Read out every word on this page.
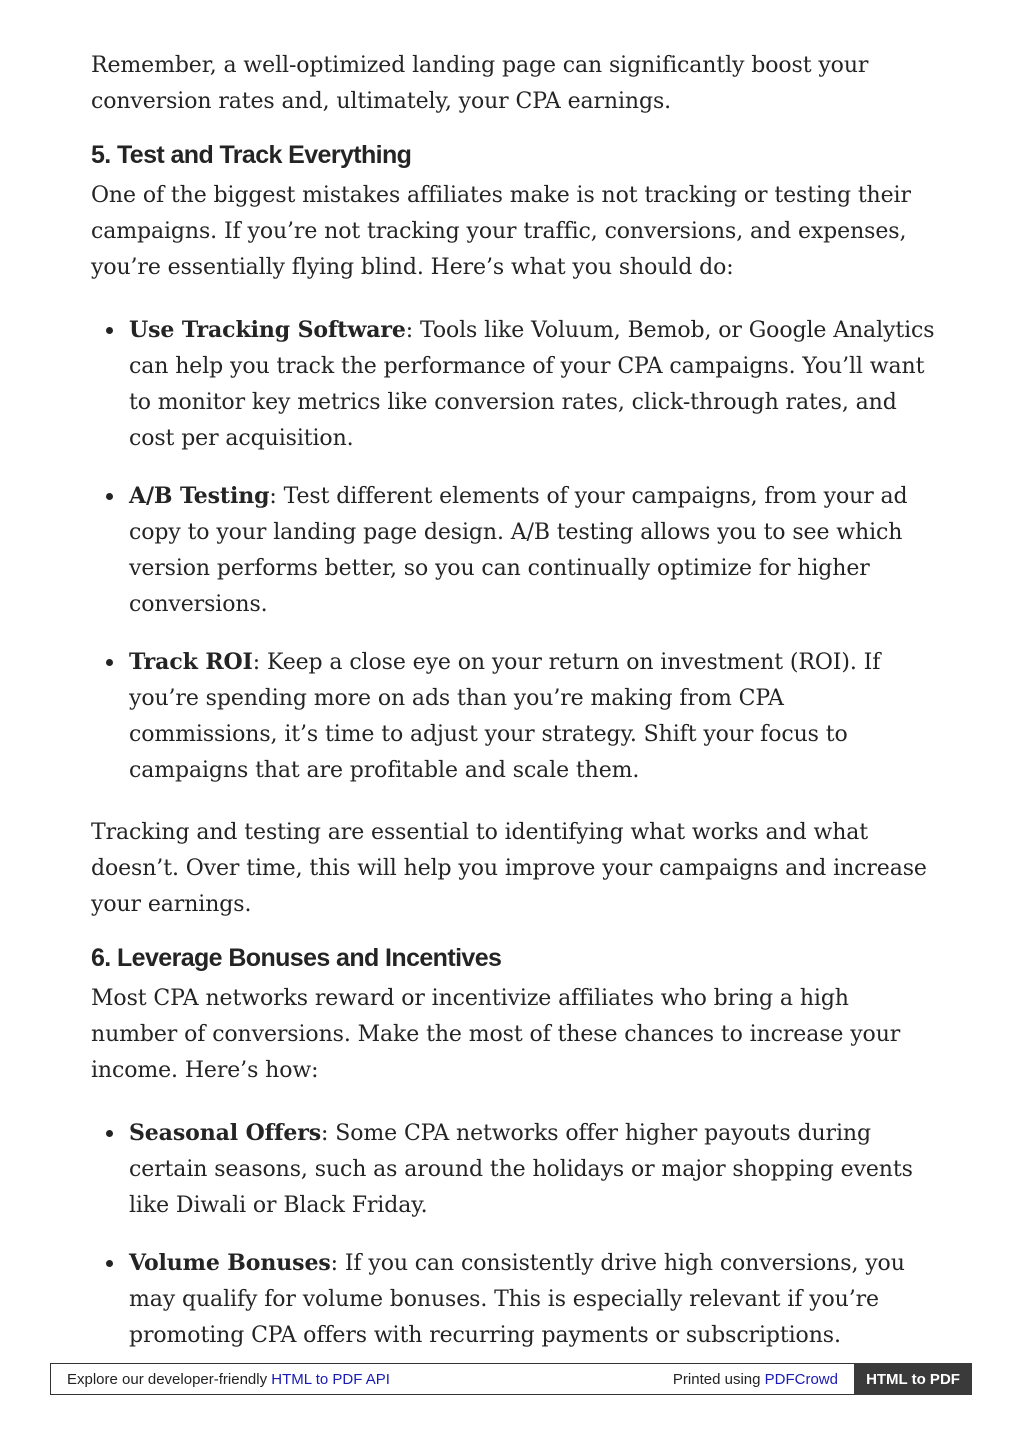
Remember, a well-optimized landing page can significantly boost your conversion rates and, ultimately, your CPA earnings.

5. Test and Track Everything

One of the biggest mistakes affiliates make is not tracking or testing their campaigns. If you’re not tracking your traffic, conversions, and expenses, you’re essentially flying blind. Here’s what you should do:

Use Tracking Software: Tools like Voluum, Bemob, or Google Analytics can help you track the performance of your CPA campaigns. You’ll want to monitor key metrics like conversion rates, click-through rates, and cost per acquisition.
A/B Testing: Test different elements of your campaigns, from your ad copy to your landing page design. A/B testing allows you to see which version performs better, so you can continually optimize for higher conversions.
Track ROI: Keep a close eye on your return on investment (ROI). If you’re spending more on ads than you’re making from CPA commissions, it’s time to adjust your strategy. Shift your focus to campaigns that are profitable and scale them.

Tracking and testing are essential to identifying what works and what doesn’t. Over time, this will help you improve your campaigns and increase your earnings.

6. Leverage Bonuses and Incentives

Most CPA networks reward or incentivize affiliates who bring a high number of conversions. Make the most of these chances to increase your income. Here’s how:

Seasonal Offers: Some CPA networks offer higher payouts during certain seasons, such as around the holidays or major shopping events like Diwali or Black Friday.
Volume Bonuses: If you can consistently drive high conversions, you may qualify for volume bonuses. This is especially relevant if you’re promoting CPA offers with recurring payments or subscriptions.
Explore our developer-friendly HTML to PDF API	Printed using PDFCrowd	HTML to PDF
